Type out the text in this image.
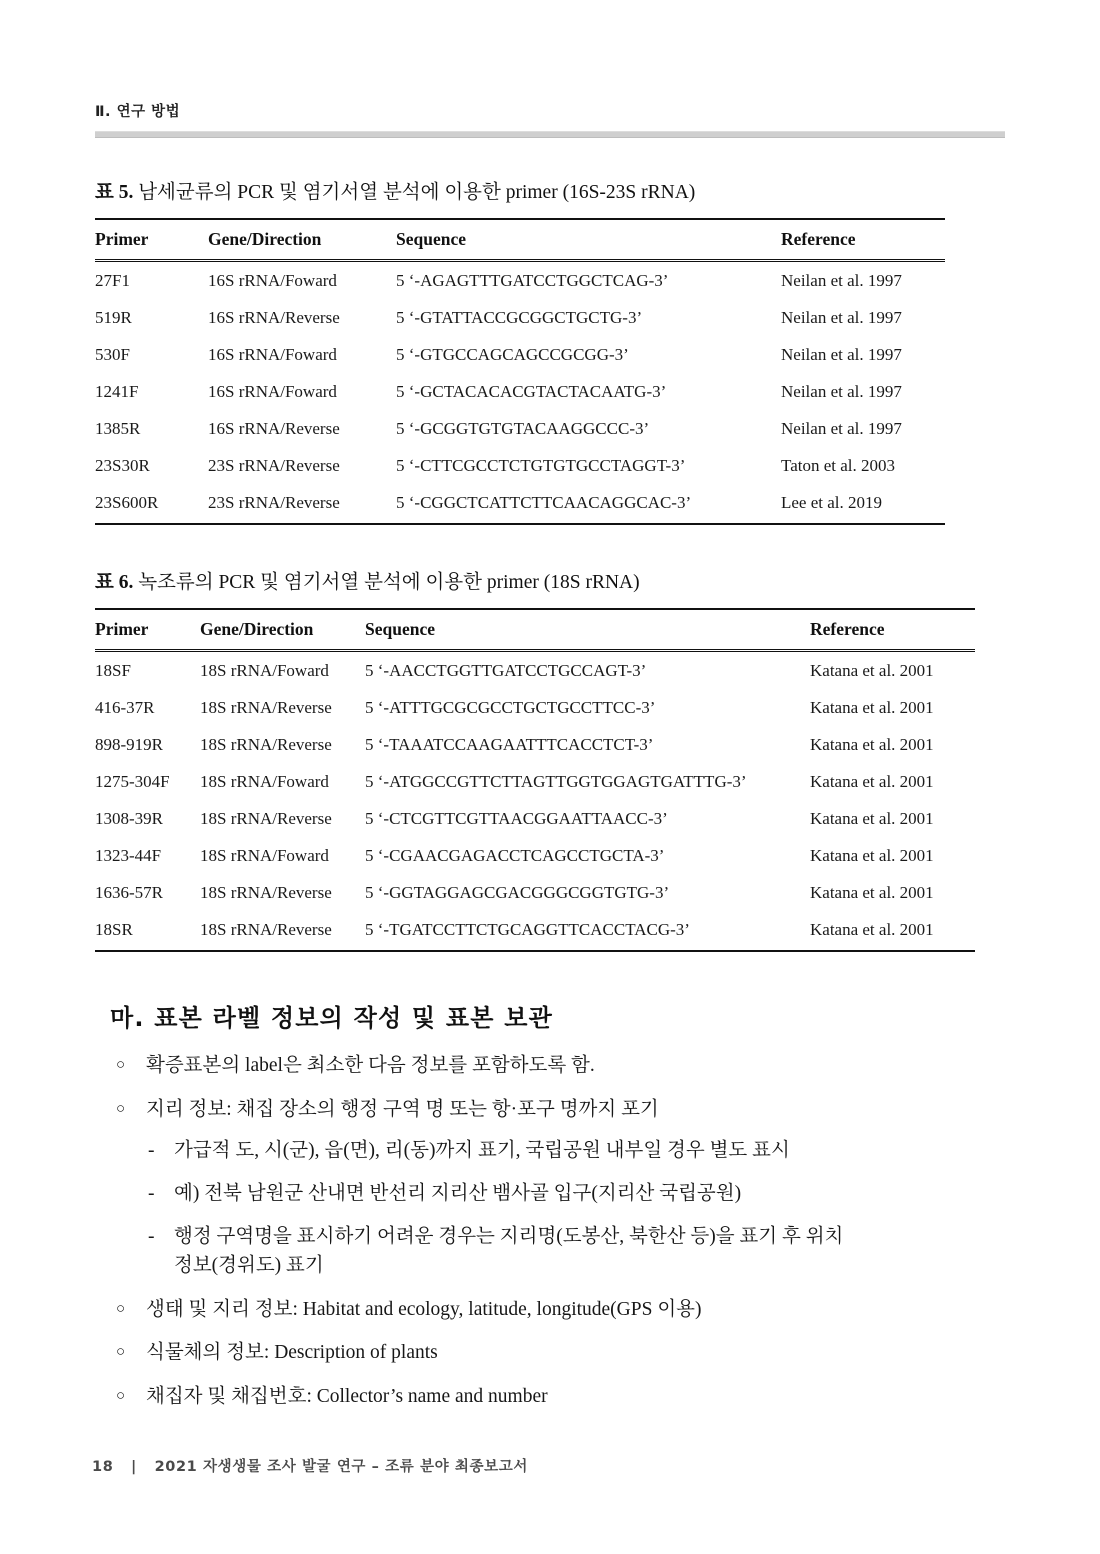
Ⅱ. 연구 방법
표 5. 남세균류의 PCR 및 염기서열 분석에 이용한 primer (16S-23S rRNA)
Primer	Gene/Direction	Sequence	Reference
27F1	16S rRNA/Foward	5 ‘-AGAGTTTGATCCTGGCTCAG-3’	Neilan et al. 1997
519R	16S rRNA/Reverse	5 ‘-GTATTACCGCGGCTGCTG-3’	Neilan et al. 1997
530F	16S rRNA/Foward	5 ‘-GTGCCAGCAGCCGCGG-3’	Neilan et al. 1997
1241F	16S rRNA/Foward	5 ‘-GCTACACACGTACTACAATG-3’	Neilan et al. 1997
1385R	16S rRNA/Reverse	5 ‘-GCGGTGTGTACAAGGCCC-3’	Neilan et al. 1997
23S30R	23S rRNA/Reverse	5 ‘-CTTCGCCTCTGTGTGCCTAGGT-3’	Taton et al. 2003
23S600R	23S rRNA/Reverse	5 ‘-CGGCTCATTCTTCAACAGGCAC-3’	Lee et al. 2019

표 6. 녹조류의 PCR 및 염기서열 분석에 이용한 primer (18S rRNA)
Primer	Gene/Direction	Sequence	Reference
18SF	18S rRNA/Foward	5 ‘-AACCTGGTTGATCCTGCCAGT-3’	Katana et al. 2001
416-37R	18S rRNA/Reverse	5 ‘-ATTTGCGCGCCTGCTGCCTTCC-3’	Katana et al. 2001
898-919R	18S rRNA/Reverse	5 ‘-TAAATCCAAGAATTTCACCTCT-3’	Katana et al. 2001
1275-304F	18S rRNA/Foward	5 ‘-ATGGCCGTTCTTAGTTGGTGGAGTGATTTG-3’	Katana et al. 2001
1308-39R	18S rRNA/Reverse	5 ‘-CTCGTTCGTTAACGGAATTAACC-3’	Katana et al. 2001
1323-44F	18S rRNA/Foward	5 ‘-CGAACGAGACCTCAGCCTGCTA-3’	Katana et al. 2001
1636-57R	18S rRNA/Reverse	5 ‘-GGTAGGAGCGACGGGCGGTGTG-3’	Katana et al. 2001
18SR	18S rRNA/Reverse	5 ‘-TGATCCTTCTGCAGGTTCACCTACG-3’	Katana et al. 2001

마. 표본 라벨 정보의 작성 및 표본 보관
○ 확증표본의 label은 최소한 다음 정보를 포함하도록 함.
○ 지리 정보: 채집 장소의 행정 구역 명 또는 항·포구 명까지 포기
- 가급적 도, 시(군), 읍(면), 리(동)까지 표기, 국립공원 내부일 경우 별도 표시
- 예) 전북 남원군 산내면 반선리 지리산 뱀사골 입구(지리산 국립공원)
- 행정 구역명을 표시하기 어려운 경우는 지리명(도봉산, 북한산 등)을 표기 후 위치
정보(경위도) 표기
○ 생태 및 지리 정보: Habitat and ecology, latitude, longitude(GPS 이용)
○ 식물체의 정보: Description of plants
○ 채집자 및 채집번호: Collector’s name and number
18 | 2021 자생생물 조사 발굴 연구 – 조류 분야 최종보고서
